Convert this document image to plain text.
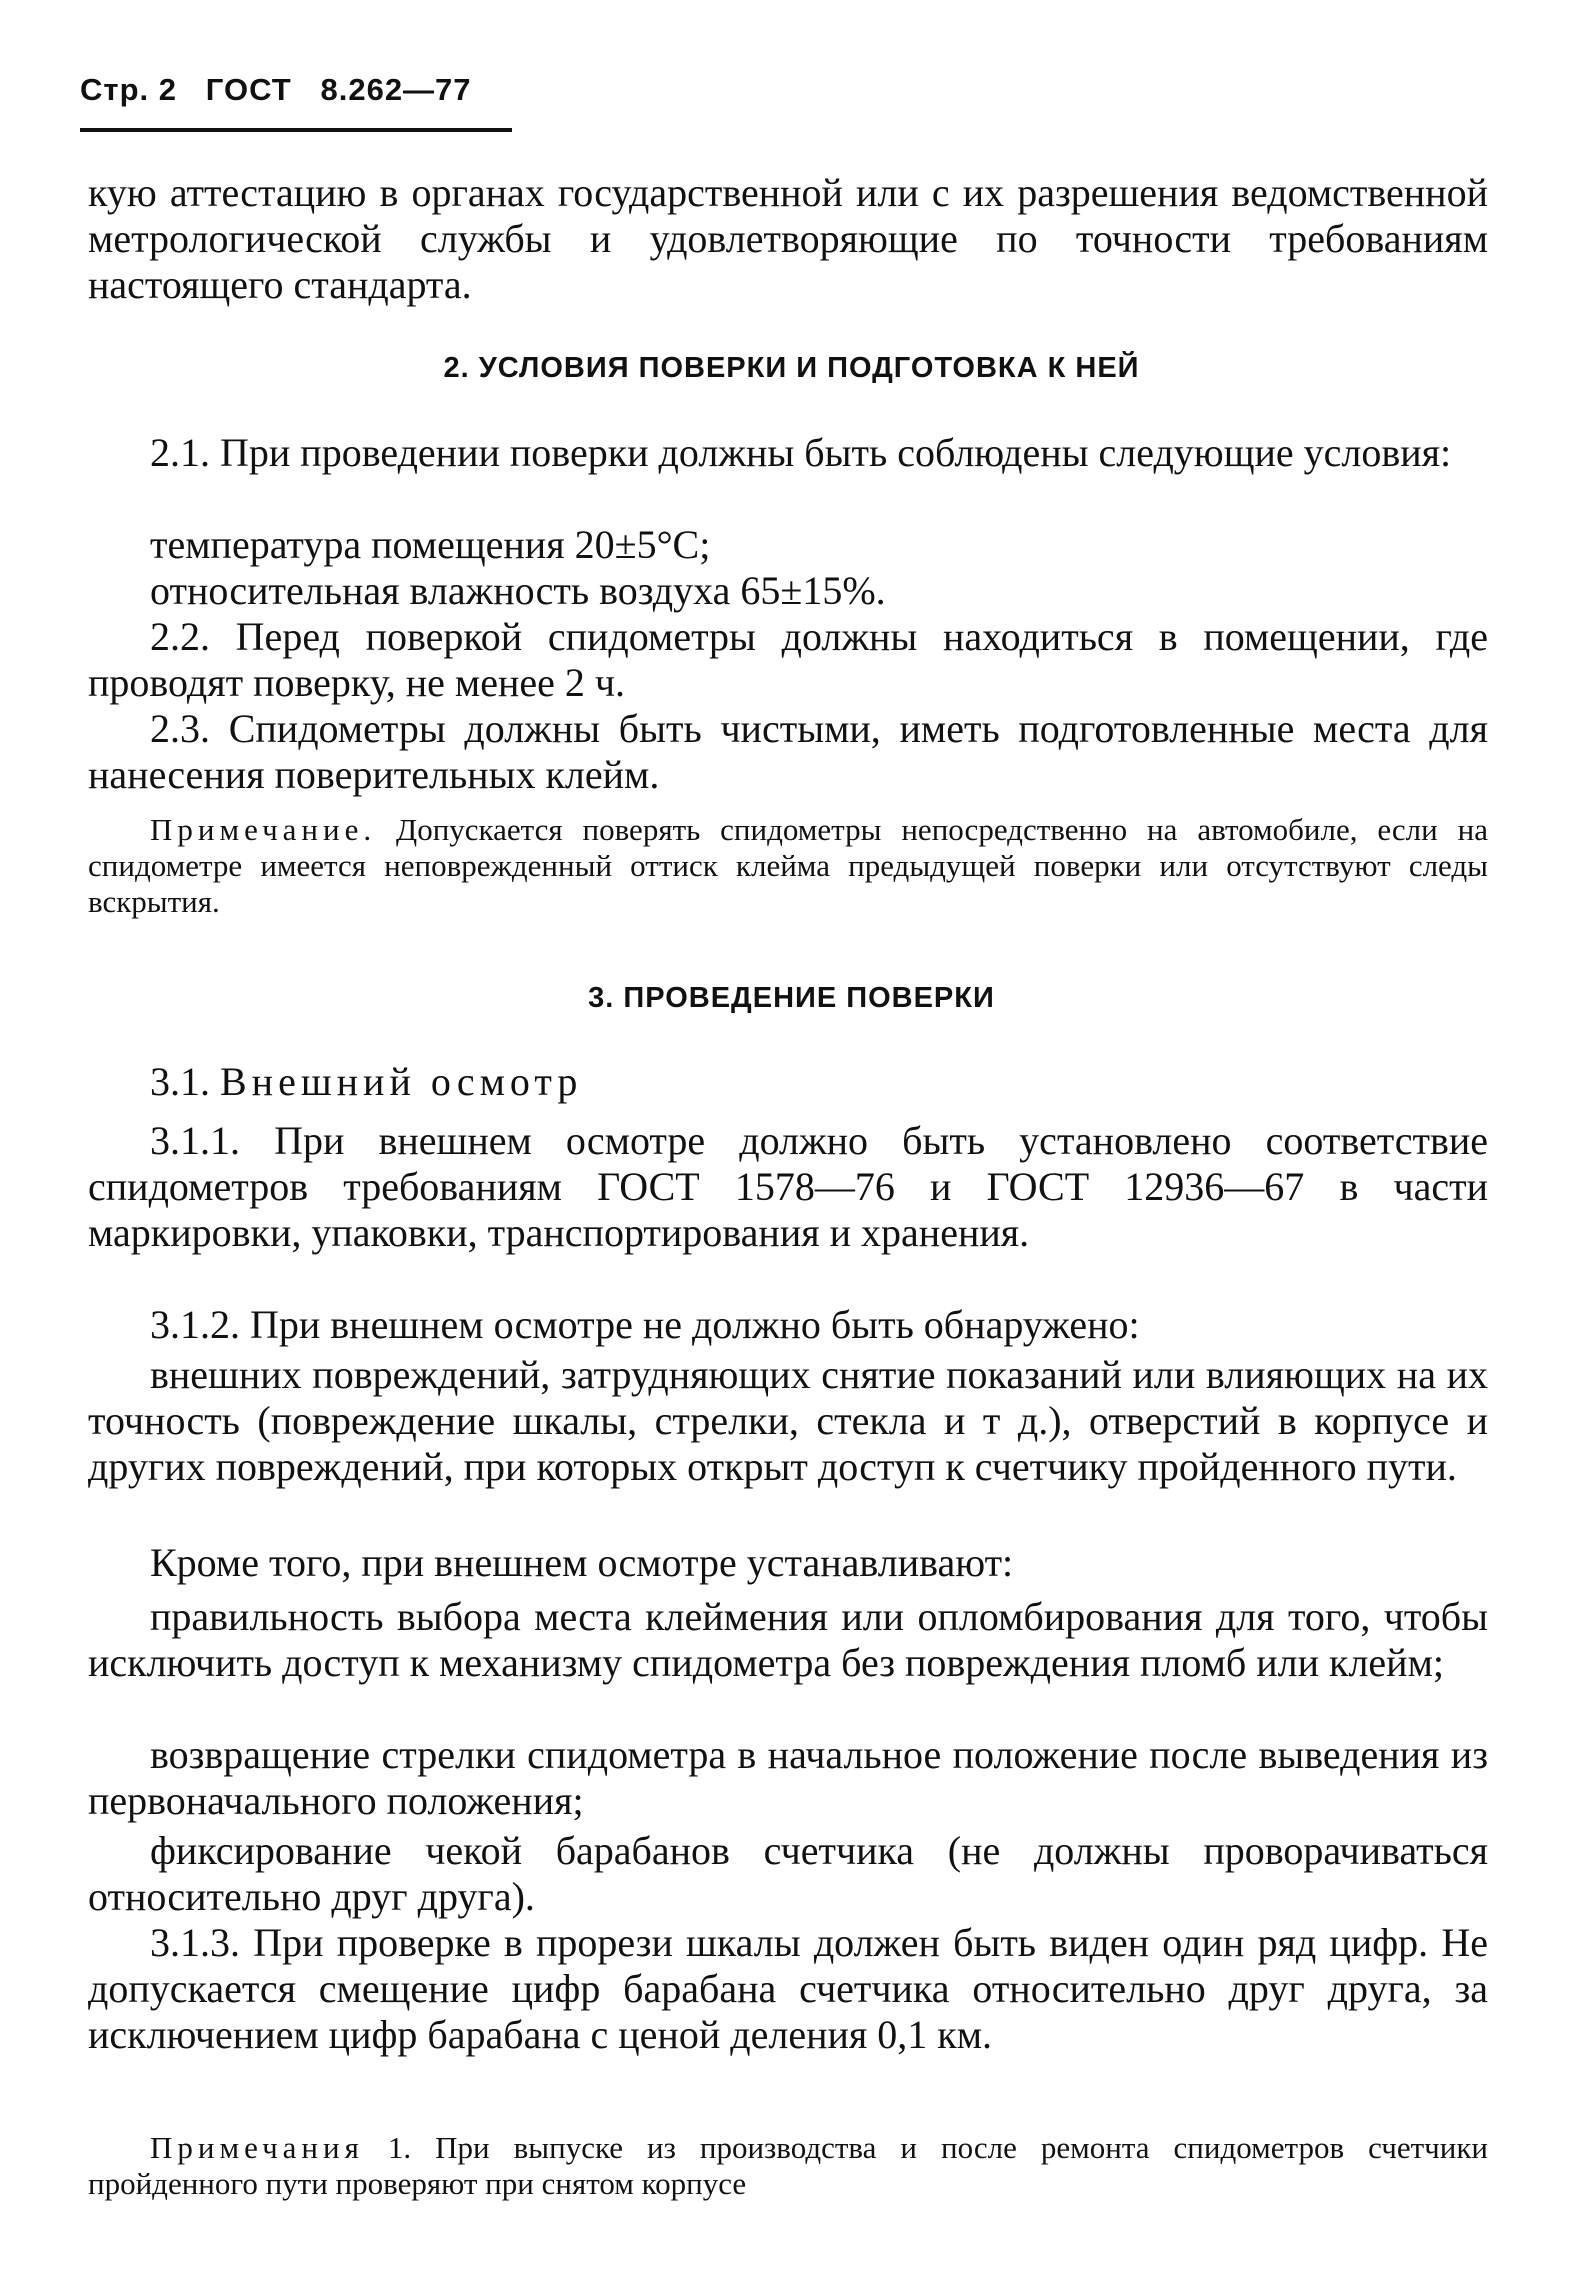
Стр. 2   ГОСТ   8.262—77

кую аттестацию в органах государственной или с их разрешения ведомственной метрологической службы и удовлетворяющие по точности требованиям настоящего стандарта.

2. УСЛОВИЯ ПОВЕРКИ И ПОДГОТОВКА К НЕЙ

2.1. При проведении поверки должны быть соблюдены следующие условия:

температура помещения 20±5°С;

относительная влажность воздуха 65±15%.

2.2. Перед поверкой спидометры должны находиться в помещении, где проводят поверку, не менее 2 ч.

2.3. Спидометры должны быть чистыми, иметь подготовленные места для нанесения поверительных клейм.

Примечание. Допускается поверять спидометры непосредственно на автомобиле, если на спидометре имеется неповрежденный оттиск клейма предыдущей поверки или отсутствуют следы вскрытия.

3. ПРОВЕДЕНИЕ ПОВЕРКИ

3.1. Внешний осмотр

3.1.1. При внешнем осмотре должно быть установлено соответствие спидометров требованиям ГОСТ 1578—76 и ГОСТ 12936—67 в части маркировки, упаковки, транспортирования и хранения.

3.1.2. При внешнем осмотре не должно быть обнаружено:

внешних повреждений, затрудняющих снятие показаний или влияющих на их точность (повреждение шкалы, стрелки, стекла и т д.), отверстий в корпусе и других повреждений, при которых открыт доступ к счетчику пройденного пути.

Кроме того, при внешнем осмотре устанавливают:

правильность выбора места клеймения или опломбирования для того, чтобы исключить доступ к механизму спидометра без повреждения пломб или клейм;

возвращение стрелки спидометра в начальное положение после выведения из первоначального положения;

фиксирование чекой барабанов счетчика (не должны проворачиваться относительно друг друга).

3.1.3. При проверке в прорези шкалы должен быть виден один ряд цифр. Не допускается смещение цифр барабана счетчика относительно друг друга, за исключением цифр барабана с ценой деления 0,1 км.

Примечания 1. При выпуске из производства и после ремонта спидометров счетчики пройденного пути проверяют при снятом корпусе
